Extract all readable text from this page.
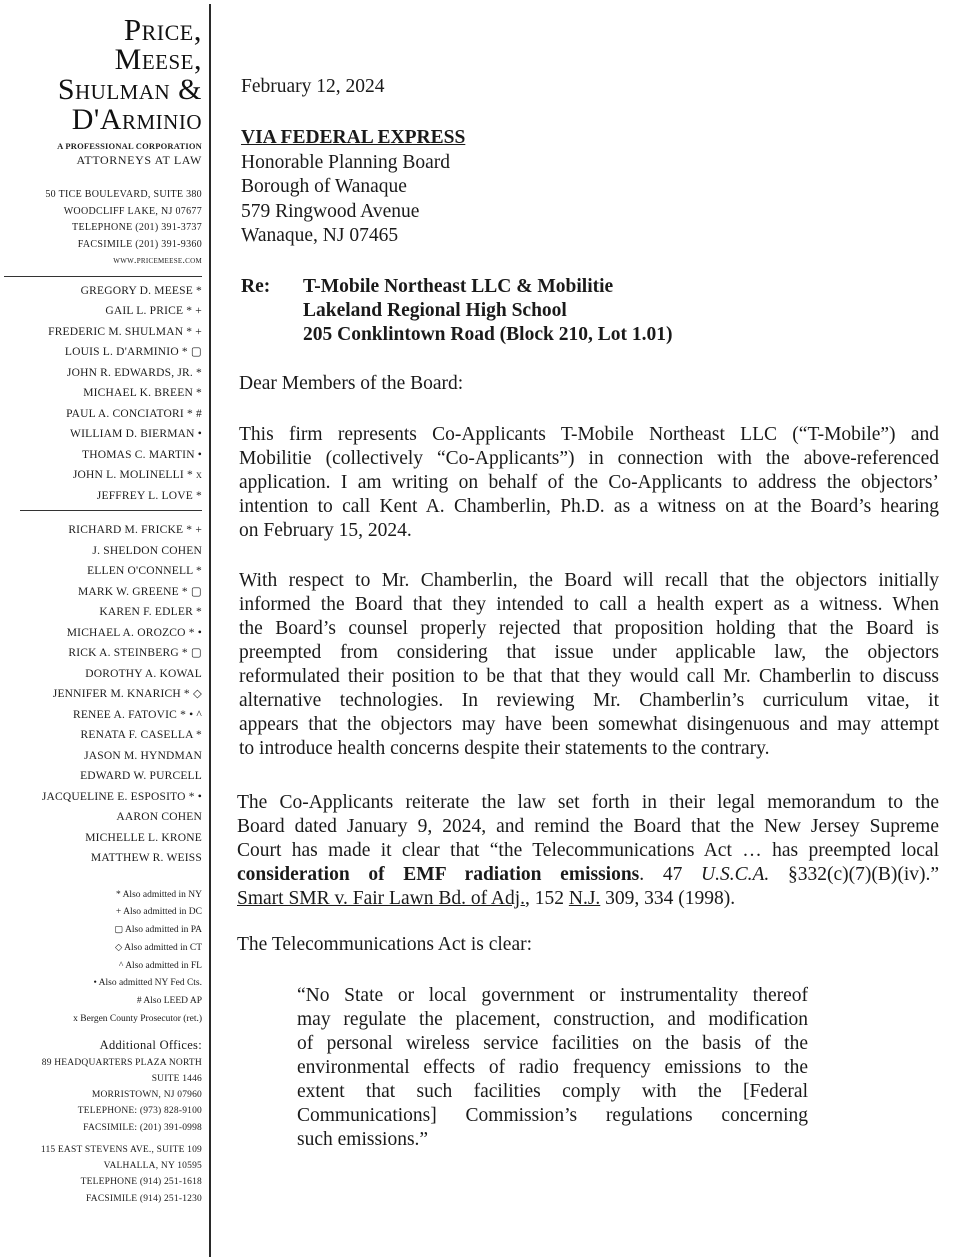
Price,
Meese,
Shulman &
D'Arminio
A PROFESSIONAL CORPORATION
ATTORNEYS AT LAW
50 TICE BOULEVARD, SUITE 380
WOODCLIFF LAKE, NJ 07677
TELEPHONE (201) 391-3737
FACSIMILE (201) 391-9360
www.pricemeese.com
GREGORY D. MEESE *
GAIL L. PRICE * +
FREDERIC M. SHULMAN * +
LOUIS L. D'ARMINIO * ▢
JOHN R. EDWARDS, JR. *
MICHAEL K. BREEN *
PAUL A. CONCIATORI * #
WILLIAM D. BIERMAN •
THOMAS C. MARTIN •
JOHN L. MOLINELLI * x
JEFFREY L. LOVE *
RICHARD M. FRICKE * +
J. SHELDON COHEN
ELLEN O'CONNELL *
MARK W. GREENE * ▢
KAREN F. EDLER *
MICHAEL A. OROZCO * •
RICK A. STEINBERG * ▢
DOROTHY A. KOWAL
JENNIFER M. KNARICH * ◇
RENEE A. FATOVIC * • ^
RENATA F. CASELLA *
JASON M. HYNDMAN
EDWARD W. PURCELL
JACQUELINE E. ESPOSITO * •
AARON COHEN
MICHELLE L. KRONE
MATTHEW R. WEISS
* Also admitted in NY
+ Also admitted in DC
▢ Also admitted in PA
◇ Also admitted in CT
^ Also admitted in FL
• Also admitted NY Fed Cts.
# Also LEED AP
x Bergen County Prosecutor (ret.)
Additional Offices:
89 HEADQUARTERS PLAZA NORTH
SUITE 1446
MORRISTOWN, NJ 07960
TELEPHONE: (973) 828-9100
FACSIMILE: (201) 391-0998
115 EAST STEVENS AVE., SUITE 109
VALHALLA, NY 10595
TELEPHONE (914) 251-1618
FACSIMILE (914) 251-1230
February 12, 2024
VIA FEDERAL EXPRESS
Honorable Planning Board
Borough of Wanaque
579 Ringwood Avenue
Wanaque, NJ 07465
Re: T-Mobile Northeast LLC & Mobilitie
Lakeland Regional High School
205 Conklintown Road (Block 210, Lot 1.01)
Dear Members of the Board:
This firm represents Co-Applicants T-Mobile Northeast LLC (“T-Mobile”) and
Mobilitie (collectively “Co-Applicants”) in connection with the above-referenced
application. I am writing on behalf of the Co-Applicants to address the objectors’
intention to call Kent A. Chamberlin, Ph.D. as a witness on at the Board’s hearing
on February 15, 2024.
With respect to Mr. Chamberlin, the Board will recall that the objectors initially
informed the Board that they intended to call a health expert as a witness. When
the Board’s counsel properly rejected that proposition holding that the Board is
preempted from considering that issue under applicable law, the objectors
reformulated their position to be that that they would call Mr. Chamberlin to discuss
alternative technologies. In reviewing Mr. Chamberlin’s curriculum vitae, it
appears that the objectors may have been somewhat disingenuous and may attempt
to introduce health concerns despite their statements to the contrary.
The Co-Applicants reiterate the law set forth in their legal memorandum to the
Board dated January 9, 2024, and remind the Board that the New Jersey Supreme
Court has made it clear that “the Telecommunications Act … has preempted local
consideration of EMF radiation emissions. 47 U.S.C.A. §332(c)(7)(B)(iv).”
Smart SMR v. Fair Lawn Bd. of Adj., 152 N.J. 309, 334 (1998).
The Telecommunications Act is clear:
“No State or local government or instrumentality thereof
may regulate the placement, construction, and modification
of personal wireless service facilities on the basis of the
environmental effects of radio frequency emissions to the
extent that such facilities comply with the [Federal
Communications] Commission’s regulations concerning
such emissions.”
